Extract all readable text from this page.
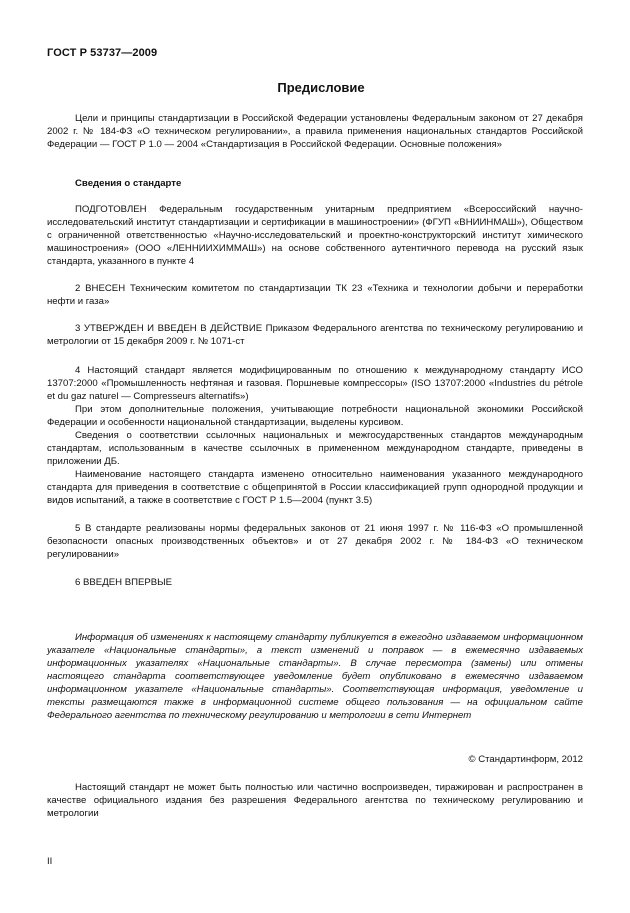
ГОСТ Р 53737—2009
Предисловие

Цели и принципы стандартизации в Российской Федерации установлены Федеральным законом от 27 декабря 2002 г. № 184-ФЗ «О техническом регулировании», а правила применения национальных стандартов Российской Федерации — ГОСТ Р 1.0 — 2004 «Стандартизация в Российской Федерации. Основные положения»

Сведения о стандарте

ПОДГОТОВЛЕН Федеральным государственным унитарным предприятием «Всероссийский научно-исследовательский институт стандартизации и сертификации в машиностроении» (ФГУП «ВНИИНМАШ»), Обществом с ограниченной ответственностью «Научно-исследовательский и проектно-конструкторский институт химического машиностроения» (ООО «ЛЕННИИХИММАШ») на основе собственного аутентичного перевода на русский язык стандарта, указанного в пункте 4

2 ВНЕСЕН Техническим комитетом по стандартизации ТК 23 «Техника и технологии добычи и переработки нефти и газа»

3 УТВЕРЖДЕН И ВВЕДЕН В ДЕЙСТВИЕ Приказом Федерального агентства по техническому регулированию и метрологии от 15 декабря 2009 г. № 1071-ст

4 Настоящий стандарт является модифицированным по отношению к международному стандарту ИСО 13707:2000 «Промышленность нефтяная и газовая. Поршневые компрессоры» (ISO 13707:2000 «Industries du pétrole et du gaz naturel — Compresseurs alternatifs»)

При этом дополнительные положения, учитывающие потребности национальной экономики Российской Федерации и особенности национальной стандартизации, выделены курсивом.

Сведения о соответствии ссылочных национальных и межгосударственных стандартов международным стандартам, использованным в качестве ссылочных в примененном международном стандарте, приведены в приложении ДБ.

Наименование настоящего стандарта изменено относительно наименования указанного международного стандарта для приведения в соответствие с общепринятой в России классификацией групп однородной продукции и видов испытаний, а также в соответствие с ГОСТ Р 1.5—2004 (пункт 3.5)

5 В стандарте реализованы нормы федеральных законов от 21 июня 1997 г. № 116-ФЗ «О промышленной безопасности опасных производственных объектов» и от 27 декабря 2002 г. № 184-ФЗ «О техническом регулировании»

6 ВВЕДЕН ВПЕРВЫЕ

Информация об изменениях к настоящему стандарту публикуется в ежегодно издаваемом информационном указателе «Национальные стандарты», а текст изменений и поправок — в ежемесячно издаваемых информационных указателях «Национальные стандарты». В случае пересмотра (замены) или отмены настоящего стандарта соответствующее уведомление будет опубликовано в ежемесячно издаваемом информационном указателе «Национальные стандарты». Соответствующая информация, уведомление и тексты размещаются также в информационной системе общего пользования — на официальном сайте Федерального агентства по техническому регулированию и метрологии в сети Интернет

© Стандартинформ, 2012

Настоящий стандарт не может быть полностью или частично воспроизведен, тиражирован и распространен в качестве официального издания без разрешения Федерального агентства по техническому регулированию и метрологии

II
